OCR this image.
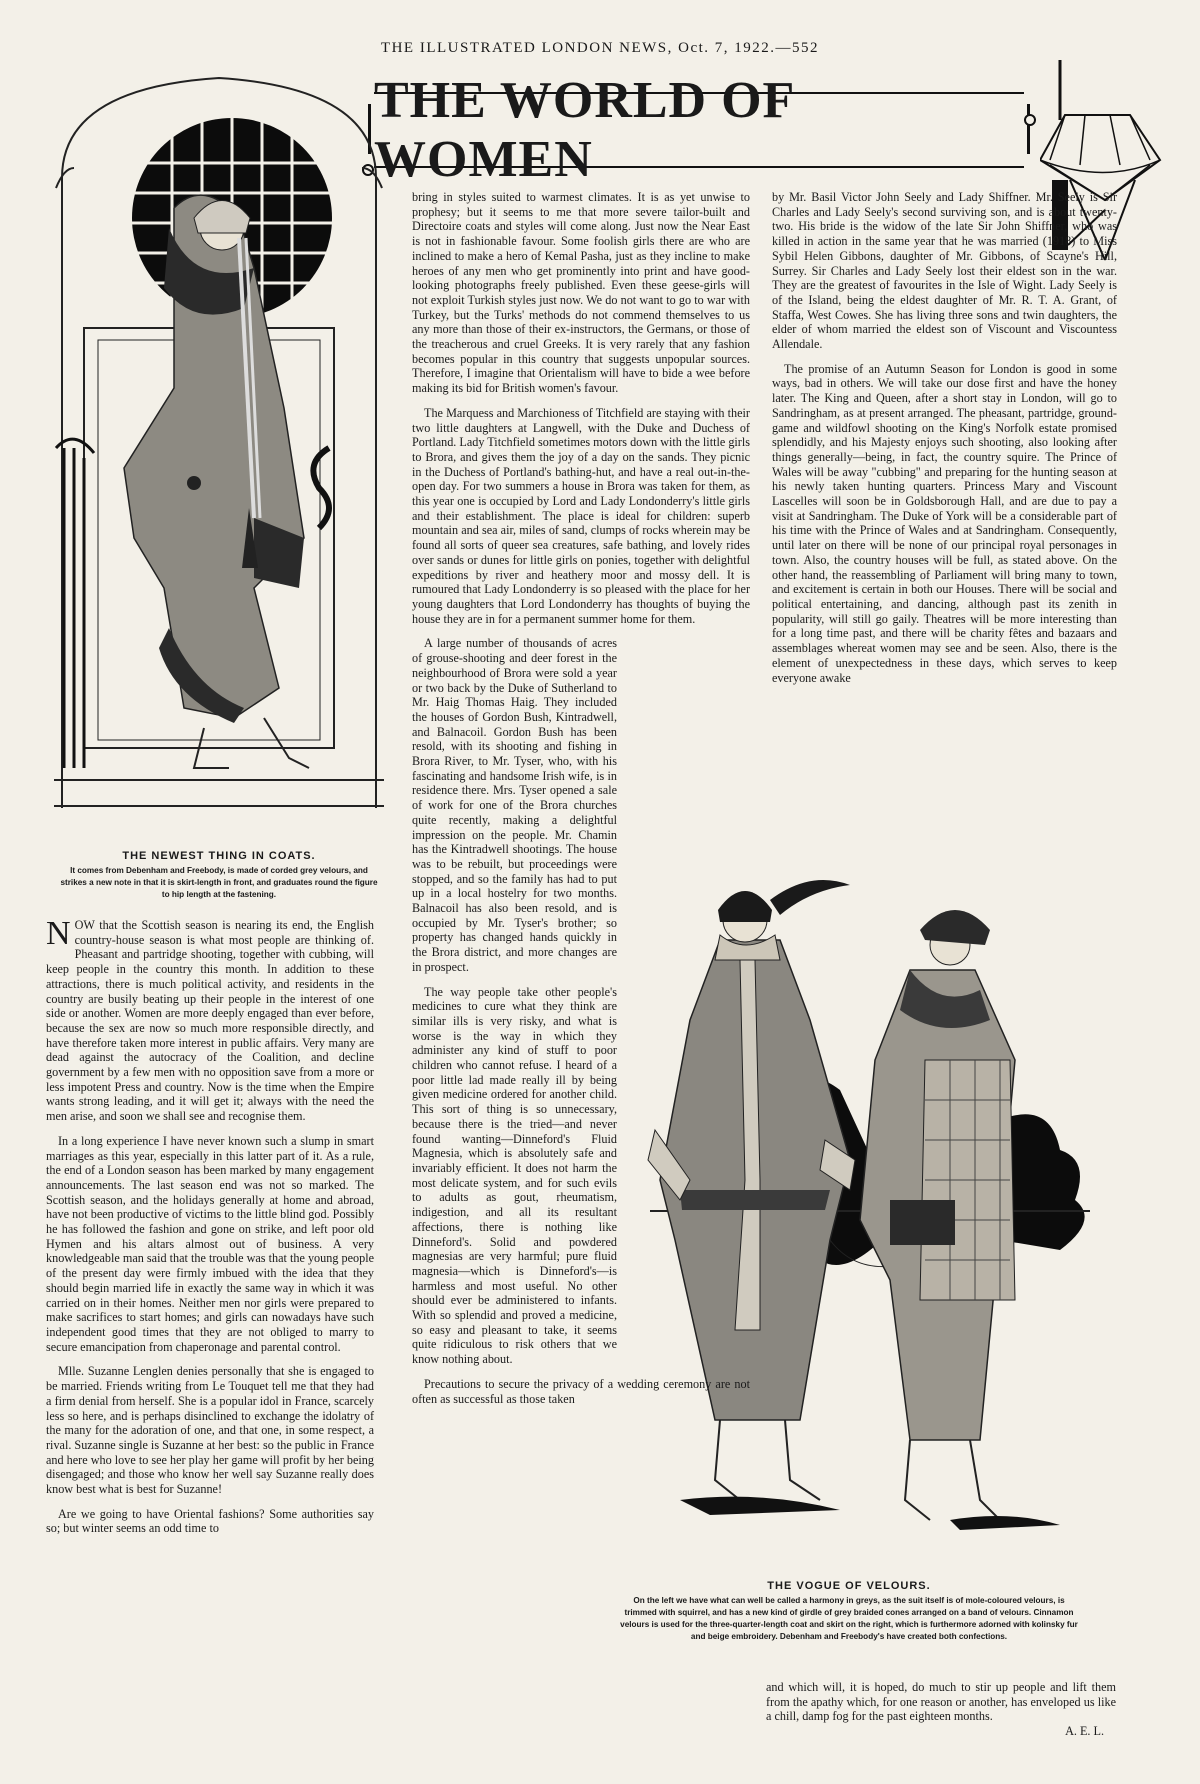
THE ILLUSTRATED LONDON NEWS, Oct. 7, 1922.—552
THE WORLD OF WOMEN
THE NEWEST THING IN COATS.
It comes from Debenham and Freebody, is made of corded grey velours, and strikes a new note in that it is skirt-length in front, and graduates round the figure to hip length at the fastening.
THE VOGUE OF VELOURS.
On the left we have what can well be called a harmony in greys, as the suit itself is of mole-coloured velours, is trimmed with squirrel, and has a new kind of girdle of grey braided cones arranged on a band of velours. Cinnamon velours is used for the three-quarter-length coat and skirt on the right, which is furthermore adorned with kolinsky fur and beige embroidery. Debenham and Freebody's have created both confections.

NOW that the Scottish season is nearing its end, the English country-house season is what most people are thinking of. Pheasant and partridge shooting, together with cubbing, will keep people in the country this month. In addition to these attractions, there is much political activity, and residents in the country are busily beating up their people in the interest of one side or another. Women are more deeply engaged than ever before, because the sex are now so much more responsible directly, and have therefore taken more interest in public affairs. Very many are dead against the autocracy of the Coalition, and decline government by a few men with no opposition save from a more or less impotent Press and country. Now is the time when the Empire wants strong leading, and it will get it; always with the need the men arise, and soon we shall see and recognise them.

In a long experience I have never known such a slump in smart marriages as this year, especially in this latter part of it. As a rule, the end of a London season has been marked by many engagement announcements. The last season end was not so marked. The Scottish season, and the holidays generally at home and abroad, have not been productive of victims to the little blind god. Possibly he has followed the fashion and gone on strike, and left poor old Hymen and his altars almost out of business. A very knowledgeable man said that the trouble was that the young people of the present day were firmly imbued with the idea that they should begin married life in exactly the same way in which it was carried on in their homes. Neither men nor girls were prepared to make sacrifices to start homes; and girls can nowadays have such independent good times that they are not obliged to marry to secure emancipation from chaperonage and parental control.

Mlle. Suzanne Lenglen denies personally that she is engaged to be married. Friends writing from Le Touquet tell me that they had a firm denial from herself. She is a popular idol in France, scarcely less so here, and is perhaps disinclined to exchange the idolatry of the many for the adoration of one, and that one, in some respect, a rival. Suzanne single is Suzanne at her best: so the public in France and here who love to see her play her game will profit by her being disengaged; and those who know her well say Suzanne really does know best what is best for Suzanne!

Are we going to have Oriental fashions? Some authorities say so; but winter seems an odd time to

bring in styles suited to warmest climates. It is as yet unwise to prophesy; but it seems to me that more severe tailor-built and Directoire coats and styles will come along. Just now the Near East is not in fashionable favour. Some foolish girls there are who are inclined to make a hero of Kemal Pasha, just as they incline to make heroes of any men who get prominently into print and have good-looking photographs freely published. Even these geese-girls will not exploit Turkish styles just now. We do not want to go to war with Turkey, but the Turks' methods do not commend themselves to us any more than those of their ex-instructors, the Germans, or those of the treacherous and cruel Greeks. It is very rarely that any fashion becomes popular in this country that suggests unpopular sources. Therefore, I imagine that Orientalism will have to bide a wee before making its bid for British women's favour.

The Marquess and Marchioness of Titchfield are staying with their two little daughters at Langwell, with the Duke and Duchess of Portland. Lady Titchfield sometimes motors down with the little girls to Brora, and gives them the joy of a day on the sands. They picnic in the Duchess of Portland's bathing-hut, and have a real out-in-the-open day. For two summers a house in Brora was taken for them, as this year one is occupied by Lord and Lady Londonderry's little girls and their establishment. The place is ideal for children: superb mountain and sea air, miles of sand, clumps of rocks wherein may be found all sorts of queer sea creatures, safe bathing, and lovely rides over sands or dunes for little girls on ponies, together with delightful expeditions by river and heathery moor and mossy dell. It is rumoured that Lady Londonderry is so pleased with the place for her young daughters that Lord Londonderry has thoughts of buying the house they are in for a permanent summer home for them.

A large number of thousands of acres of grouse-shooting and deer forest in the neighbourhood of Brora were sold a year or two back by the Duke of Sutherland to Mr. Haig Thomas Haig. They included the houses of Gordon Bush, Kintradwell, and Balnacoil. Gordon Bush has been resold, with its shooting and fishing in Brora River, to Mr. Tyser, who, with his fascinating and handsome Irish wife, is in residence there. Mrs. Tyser opened a sale of work for one of the Brora churches quite recently, making a delightful impression on the people. Mr. Chamin has the Kintradwell shootings. The house was to be rebuilt, but proceedings were stopped, and so the family has had to put up in a local hostelry for two months. Balnacoil has also been resold, and is occupied by Mr. Tyser's brother; so property has changed hands quickly in the Brora district, and more changes are in prospect.

The way people take other people's medicines to cure what they think are similar ills is very risky, and what is worse is the way in which they administer any kind of stuff to poor children who cannot refuse. I heard of a poor little lad made really ill by being given medicine ordered for another child. This sort of thing is so unnecessary, because there is the tried—and never found wanting—Dinneford's Fluid Magnesia, which is absolutely safe and invariably efficient. It does not harm the most delicate system, and for such evils to adults as gout, rheumatism, indigestion, and all its resultant affections, there is nothing like Dinneford's. Solid and powdered magnesias are very harmful; pure fluid magnesia—which is Dinneford's—is harmless and most useful. No other should ever be administered to infants. With so splendid and proved a medicine, so easy and pleasant to take, it seems quite ridiculous to risk others that we know nothing about.

Precautions to secure the privacy of a wedding ceremony are not often as successful as those taken

by Mr. Basil Victor John Seely and Lady Shiffner. Mr. Seely is Sir Charles and Lady Seely's second surviving son, and is about twenty-two. His bride is the widow of the late Sir John Shiffner, who was killed in action in the same year that he was married (1918) to Miss Sybil Helen Gibbons, daughter of Mr. Gibbons, of Scayne's Hill, Surrey. Sir Charles and Lady Seely lost their eldest son in the war. They are the greatest of favourites in the Isle of Wight. Lady Seely is of the Island, being the eldest daughter of Mr. R. T. A. Grant, of Staffa, West Cowes. She has living three sons and twin daughters, the elder of whom married the eldest son of Viscount and Viscountess Allendale.

The promise of an Autumn Season for London is good in some ways, bad in others. We will take our dose first and have the honey later. The King and Queen, after a short stay in London, will go to Sandringham, as at present arranged. The pheasant, partridge, ground-game and wildfowl shooting on the King's Norfolk estate promised splendidly, and his Majesty enjoys such shooting, also looking after things generally—being, in fact, the country squire. The Prince of Wales will be away "cubbing" and preparing for the hunting season at his newly taken hunting quarters. Princess Mary and Viscount Lascelles will soon be in Goldsborough Hall, and are due to pay a visit at Sandringham. The Duke of York will be a considerable part of his time with the Prince of Wales and at Sandringham. Consequently, until later on there will be none of our principal royal personages in town. Also, the country houses will be full, as stated above. On the other hand, the reassembling of Parliament will bring many to town, and excitement is certain in both our Houses. There will be social and political entertaining, and dancing, although past its zenith in popularity, will still go gaily. Theatres will be more interesting than for a long time past, and there will be charity fêtes and bazaars and assemblages whereat women may see and be seen. Also, there is the element of unexpectedness in these days, which serves to keep everyone awake

and which will, it is hoped, do much to stir up people and lift them from the apathy which, for one reason or another, has enveloped us like a chill, damp fog for the past eighteen months.

A. E. L.
